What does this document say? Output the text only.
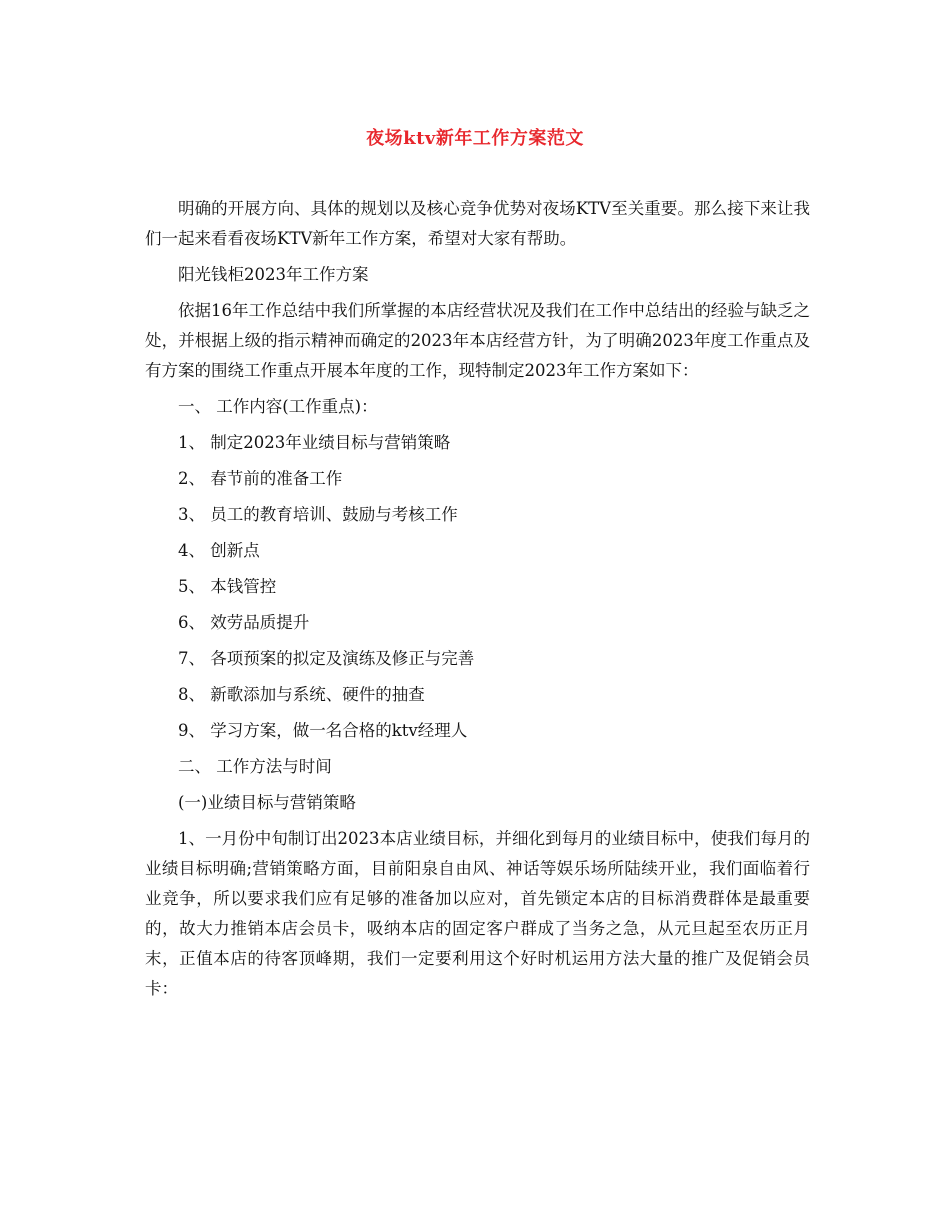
夜场ktv新年工作方案范文

明确的开展方向、具体的规划以及核心竞争优势对夜场KTV至关重要。那么接下来让我们一起来看看夜场KTV新年工作方案，希望对大家有帮助。

阳光钱柜2023年工作方案

依据16年工作总结中我们所掌握的本店经营状况及我们在工作中总结出的经验与缺乏之处，并根据上级的指示精神而确定的2023年本店经营方针，为了明确2023年度工作重点及有方案的围绕工作重点开展本年度的工作，现特制定2023年工作方案如下：

一、 工作内容(工作重点)：

1、 制定2023年业绩目标与营销策略

2、 春节前的准备工作

3、 员工的教育培训、鼓励与考核工作

4、 创新点

5、 本钱管控

6、 效劳品质提升

7、 各项预案的拟定及演练及修正与完善

8、 新歌添加与系统、硬件的抽查

9、 学习方案，做一名合格的ktv经理人

二、 工作方法与时间

(一)业绩目标与营销策略

1、一月份中旬制订出2023本店业绩目标，并细化到每月的业绩目标中，使我们每月的业绩目标明确;营销策略方面，目前阳泉自由风、神话等娱乐场所陆续开业，我们面临着行业竞争，所以要求我们应有足够的准备加以应对，首先锁定本店的目标消费群体是最重要的，故大力推销本店会员卡，吸纳本店的固定客户群成了当务之急，从元旦起至农历正月末，正值本店的待客顶峰期，我们一定要利用这个好时机运用方法大量的推广及促销会员卡：
